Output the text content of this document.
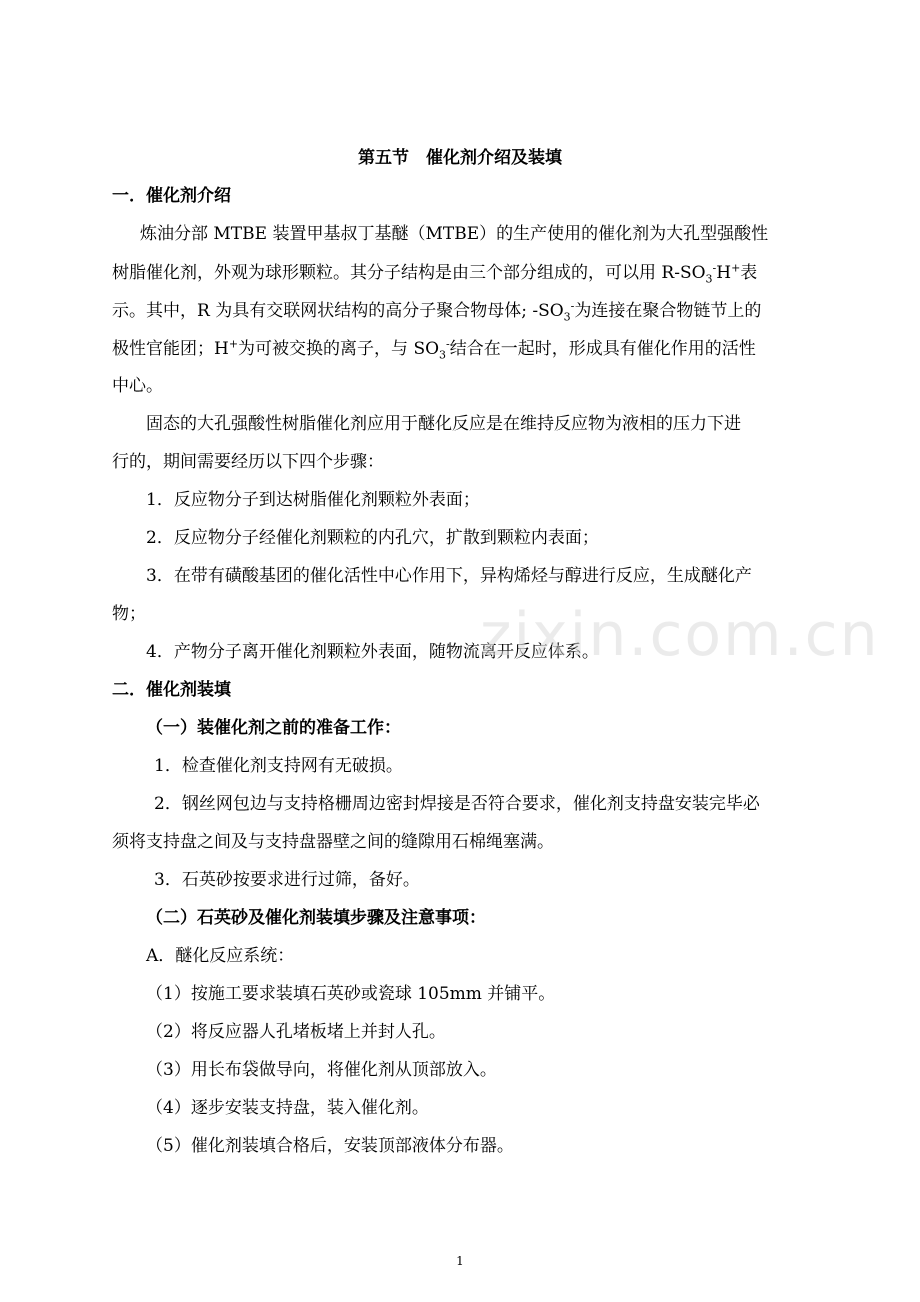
第五节　催化剂介绍及装填
一．催化剂介绍
炼油分部 MTBE 装置甲基叔丁基醚（MTBE）的生产使用的催化剂为大孔型强酸性
树脂催化剂，外观为球形颗粒。其分子结构是由三个部分组成的，可以用 $R-SO_3^-H^+$表
示。其中，R 为具有交联网状结构的高分子聚合物母体; $-SO_3^-$为连接在聚合物链节上的
极性官能团；H+为可被交换的离子，与 $SO_3^-$结合在一起时，形成具有催化作用的活性
中心。
固态的大孔强酸性树脂催化剂应用于醚化反应是在维持反应物为液相的压力下进
行的，期间需要经历以下四个步骤：
1．反应物分子到达树脂催化剂颗粒外表面；
2．反应物分子经催化剂颗粒的内孔穴，扩散到颗粒内表面；
3．在带有磺酸基团的催化活性中心作用下，异构烯烃与醇进行反应，生成醚化产
物；
4．产物分子离开催化剂颗粒外表面，随物流离开反应体系。
二．催化剂装填
（一）装催化剂之前的准备工作：
1．检查催化剂支持网有无破损。
2．钢丝网包边与支持格栅周边密封焊接是否符合要求，催化剂支持盘安装完毕必
须将支持盘之间及与支持盘器壁之间的缝隙用石棉绳塞满。
3．石英砂按要求进行过筛，备好。
（二）石英砂及催化剂装填步骤及注意事项：
A．醚化反应系统：
（1）按施工要求装填石英砂或瓷球 105mm 并铺平。
（2）将反应器人孔堵板堵上并封人孔。
（3）用长布袋做导向，将催化剂从顶部放入。
（4）逐步安装支持盘，装入催化剂。
（5）催化剂装填合格后，安装顶部液体分布器。
zixin.com.cn
1
